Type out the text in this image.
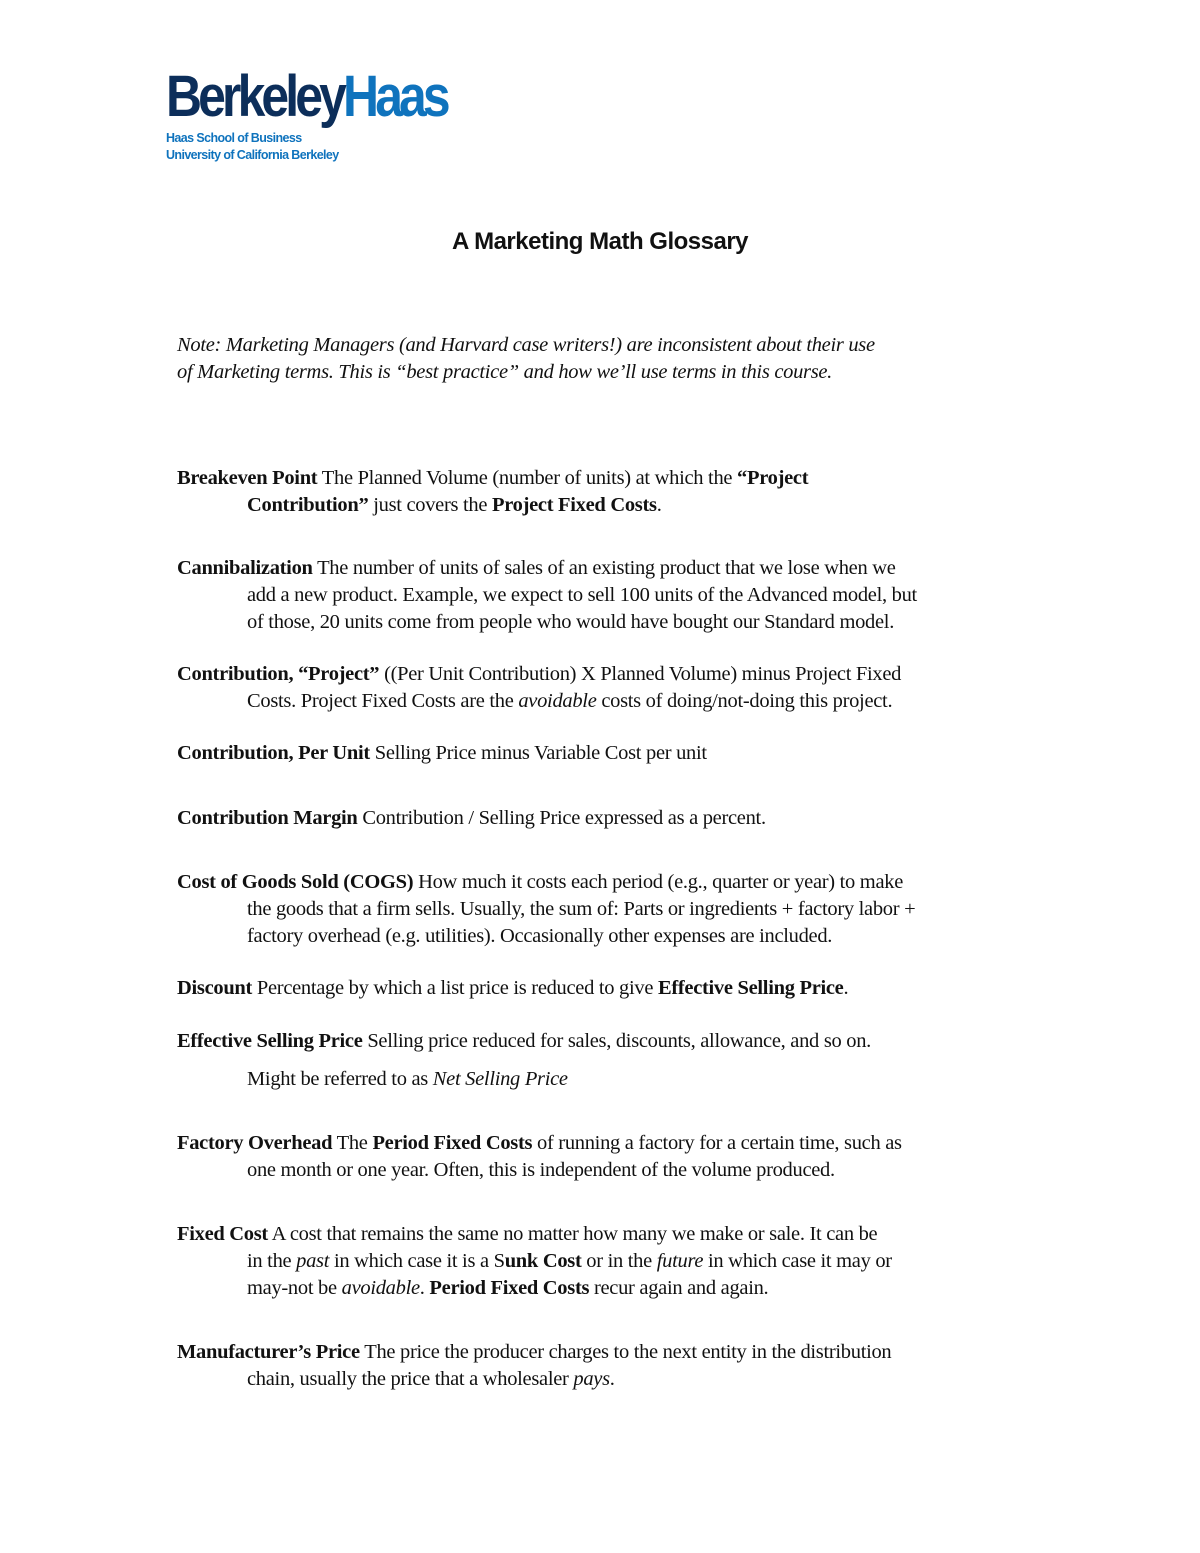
BerkeleyHaas
Haas School of Business
University of California Berkeley
A Marketing Math Glossary
Note: Marketing Managers (and Harvard case writers!) are inconsistent about their use
of Marketing terms. This is “best practice” and how we’ll use terms in this course.
Breakeven Point The Planned Volume (number of units) at which the “Project
Contribution” just covers the Project Fixed Costs.
Cannibalization The number of units of sales of an existing product that we lose when we
add a new product. Example, we expect to sell 100 units of the Advanced model, but
of those, 20 units come from people who would have bought our Standard model.
Contribution, “Project” ((Per Unit Contribution) X Planned Volume) minus Project Fixed
Costs. Project Fixed Costs are the avoidable costs of doing/not-doing this project.
Contribution, Per Unit Selling Price minus Variable Cost per unit
Contribution Margin Contribution / Selling Price expressed as a percent.
Cost of Goods Sold (COGS) How much it costs each period (e.g., quarter or year) to make
the goods that a firm sells. Usually, the sum of: Parts or ingredients + factory labor +
factory overhead (e.g. utilities). Occasionally other expenses are included.
Discount Percentage by which a list price is reduced to give Effective Selling Price.
Effective Selling Price Selling price reduced for sales, discounts, allowance, and so on.
Might be referred to as Net Selling Price
Factory Overhead The Period Fixed Costs of running a factory for a certain time, such as
one month or one year. Often, this is independent of the volume produced.
Fixed Cost A cost that remains the same no matter how many we make or sale. It can be
in the past in which case it is a Sunk Cost or in the future in which case it may or
may-not be avoidable. Period Fixed Costs recur again and again.
Manufacturer’s Price The price the producer charges to the next entity in the distribution
chain, usually the price that a wholesaler pays.
